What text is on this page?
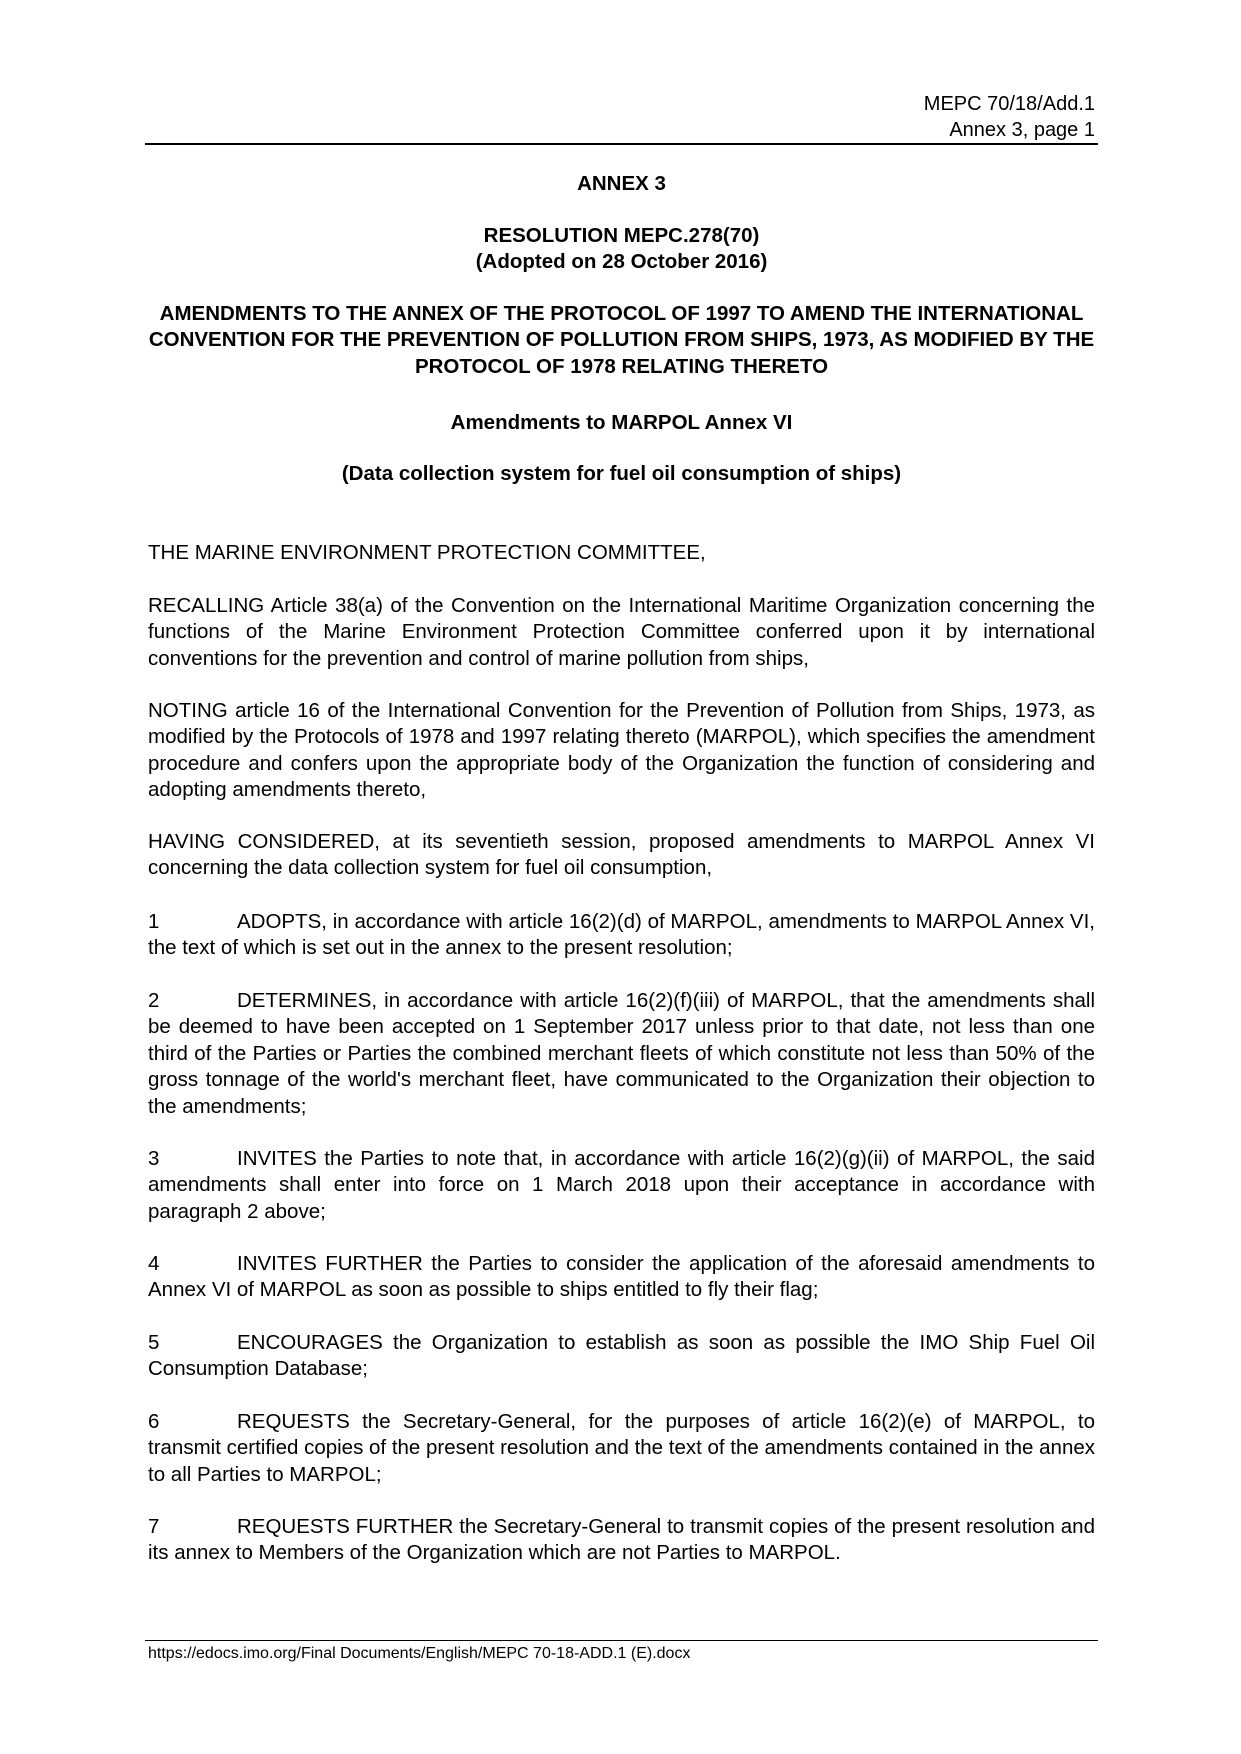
MEPC 70/18/Add.1
Annex 3, page 1
ANNEX 3
RESOLUTION MEPC.278(70)
(Adopted on 28 October 2016)
AMENDMENTS TO THE ANNEX OF THE PROTOCOL OF 1997 TO AMEND THE INTERNATIONAL CONVENTION FOR THE PREVENTION OF POLLUTION FROM SHIPS, 1973, AS MODIFIED BY THE PROTOCOL OF 1978 RELATING THERETO
Amendments to MARPOL Annex VI
(Data collection system for fuel oil consumption of ships)
THE MARINE ENVIRONMENT PROTECTION COMMITTEE,
RECALLING Article 38(a) of the Convention on the International Maritime Organization concerning the functions of the Marine Environment Protection Committee conferred upon it by international conventions for the prevention and control of marine pollution from ships,
NOTING article 16 of the International Convention for the Prevention of Pollution from Ships, 1973, as modified by the Protocols of 1978 and 1997 relating thereto (MARPOL), which specifies the amendment procedure and confers upon the appropriate body of the Organization the function of considering and adopting amendments thereto,
HAVING CONSIDERED, at its seventieth session, proposed amendments to MARPOL Annex VI concerning the data collection system for fuel oil consumption,
1	ADOPTS, in accordance with article 16(2)(d) of MARPOL, amendments to MARPOL Annex VI, the text of which is set out in the annex to the present resolution;
2	DETERMINES, in accordance with article 16(2)(f)(iii) of MARPOL, that the amendments shall be deemed to have been accepted on 1 September 2017 unless prior to that date, not less than one third of the Parties or Parties the combined merchant fleets of which constitute not less than 50% of the gross tonnage of the world's merchant fleet, have communicated to the Organization their objection to the amendments;
3	INVITES the Parties to note that, in accordance with article 16(2)(g)(ii) of MARPOL, the said amendments shall enter into force on 1 March 2018 upon their acceptance in accordance with paragraph 2 above;
4	INVITES FURTHER the Parties to consider the application of the aforesaid amendments to Annex VI of MARPOL as soon as possible to ships entitled to fly their flag;
5	ENCOURAGES the Organization to establish as soon as possible the IMO Ship Fuel Oil Consumption Database;
6	REQUESTS the Secretary-General, for the purposes of article 16(2)(e) of MARPOL, to transmit certified copies of the present resolution and the text of the amendments contained in the annex to all Parties to MARPOL;
7	REQUESTS FURTHER the Secretary-General to transmit copies of the present resolution and its annex to Members of the Organization which are not Parties to MARPOL.
https://edocs.imo.org/Final Documents/English/MEPC 70-18-ADD.1 (E).docx
